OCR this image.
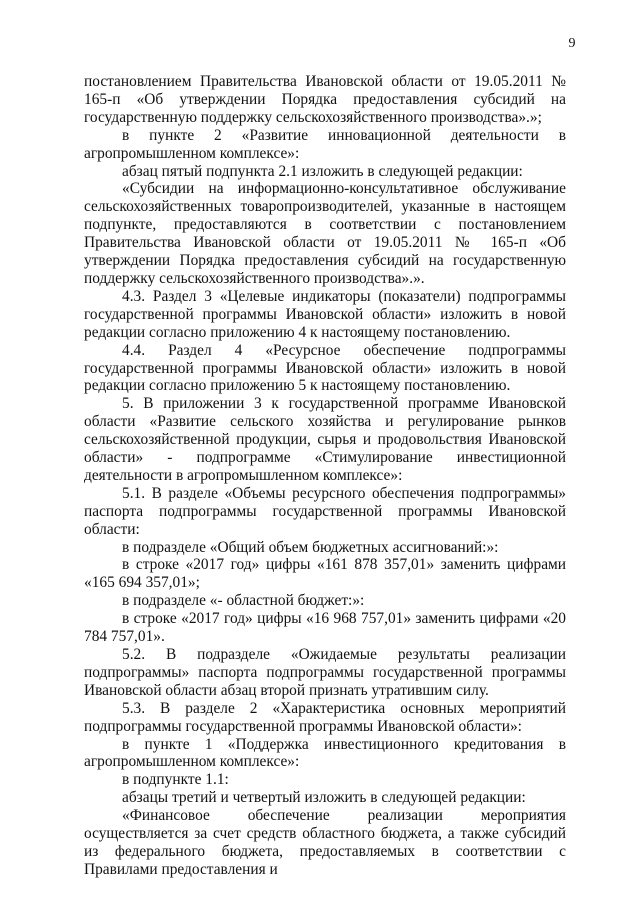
9

постановлением Правительства Ивановской области от 19.05.2011 № 165-п «Об утверждении Порядка предоставления субсидий на государственную поддержку сельскохозяйственного производства».»;

в пункте 2 «Развитие инновационной деятельности в агропромышленном комплексе»:

абзац пятый подпункта 2.1 изложить в следующей редакции:

«Субсидии на информационно-консультативное обслуживание сельскохозяйственных товаропроизводителей, указанные в настоящем подпункте, предоставляются в соответствии с постановлением Правительства Ивановской области от 19.05.2011 № 165-п «Об утверждении Порядка предоставления субсидий на государственную поддержку сельскохозяйственного производства».».

4.3. Раздел 3 «Целевые индикаторы (показатели) подпрограммы государственной программы Ивановской области» изложить в новой редакции согласно приложению 4 к настоящему постановлению.

4.4. Раздел 4 «Ресурсное обеспечение подпрограммы государственной программы Ивановской области» изложить в новой редакции согласно приложению 5 к настоящему постановлению.

5. В приложении 3 к государственной программе Ивановской области «Развитие сельского хозяйства и регулирование рынков сельскохозяйственной продукции, сырья и продовольствия Ивановской области» - подпрограмме «Стимулирование инвестиционной деятельности в агропромышленном комплексе»:

5.1. В разделе «Объемы ресурсного обеспечения подпрограммы» паспорта подпрограммы государственной программы Ивановской области:

в подразделе «Общий объем бюджетных ассигнований:»:

в строке «2017 год» цифры «161 878 357,01» заменить цифрами «165 694 357,01»;

в подразделе «- областной бюджет:»:

в строке «2017 год» цифры «16 968 757,01» заменить цифрами «20 784 757,01».

5.2. В подразделе «Ожидаемые результаты реализации подпрограммы» паспорта подпрограммы государственной программы Ивановской области абзац второй признать утратившим силу.

5.3. В разделе 2 «Характеристика основных мероприятий подпрограммы государственной программы Ивановской области»:

в пункте 1 «Поддержка инвестиционного кредитования в агропромышленном комплексе»:

в подпункте 1.1:

абзацы третий и четвертый изложить в следующей редакции:

«Финансовое обеспечение реализации мероприятия осуществляется за счет средств областного бюджета, а также субсидий из федерального бюджета, предоставляемых в соответствии с Правилами предоставления и
